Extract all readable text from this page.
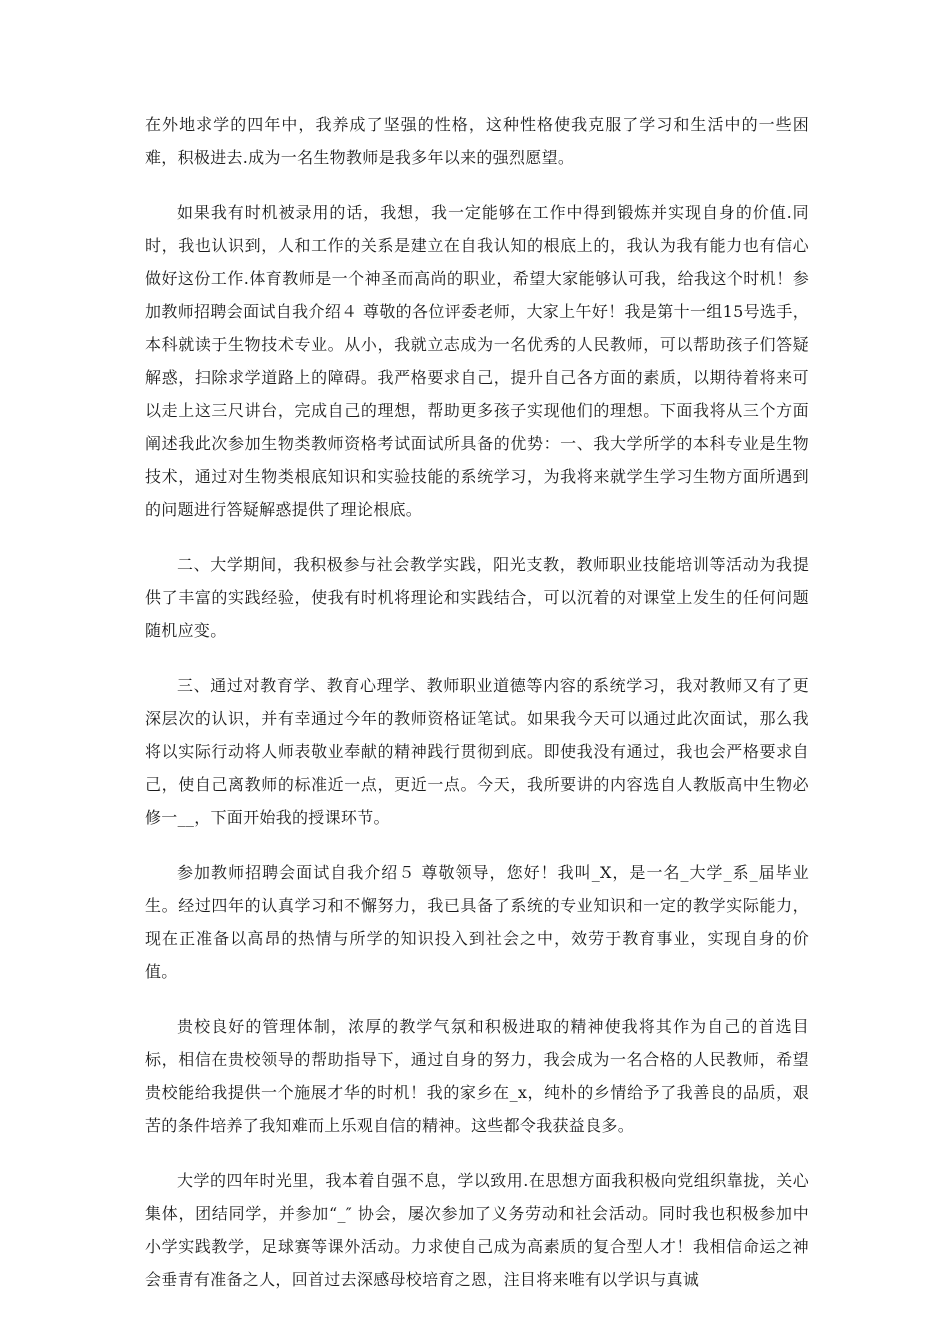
在外地求学的四年中，我养成了坚强的性格，这种性格使我克服了学习和生活中的一些困难，积极进去.成为一名生物教师是我多年以来的强烈愿望。

如果我有时机被录用的话，我想，我一定能够在工作中得到锻炼并实现自身的价值.同时，我也认识到，人和工作的关系是建立在自我认知的根底上的，我认为我有能力也有信心做好这份工作.体育教师是一个神圣而高尚的职业，希望大家能够认可我，给我这个时机！参加教师招聘会面试自我介绍４ 尊敬的各位评委老师，大家上午好！我是第十一组15号选手，本科就读于生物技术专业。从小，我就立志成为一名优秀的人民教师，可以帮助孩子们答疑解惑，扫除求学道路上的障碍。我严格要求自己，提升自己各方面的素质，以期待着将来可以走上这三尺讲台，完成自己的理想，帮助更多孩子实现他们的理想。下面我将从三个方面阐述我此次参加生物类教师资格考试面试所具备的优势：一、我大学所学的本科专业是生物技术，通过对生物类根底知识和实验技能的系统学习，为我将来就学生学习生物方面所遇到的问题进行答疑解惑提供了理论根底。

二、大学期间，我积极参与社会教学实践，阳光支教，教师职业技能培训等活动为我提供了丰富的实践经验，使我有时机将理论和实践结合，可以沉着的对课堂上发生的任何问题随机应变。

三、通过对教育学、教育心理学、教师职业道德等内容的系统学习，我对教师又有了更深层次的认识，并有幸通过今年的教师资格证笔试。如果我今天可以通过此次面试，那么我将以实际行动将人师表敬业奉献的精神践行贯彻到底。即使我没有通过，我也会严格要求自己，使自己离教师的标准近一点，更近一点。今天，我所要讲的内容选自人教版高中生物必修一__，下面开始我的授课环节。

参加教师招聘会面试自我介绍５ 尊敬领导，您好！我叫_X，是一名_大学_系_届毕业生。经过四年的认真学习和不懈努力，我已具备了系统的专业知识和一定的教学实际能力，现在正准备以高昂的热情与所学的知识投入到社会之中，效劳于教育事业，实现自身的价值。

贵校良好的管理体制，浓厚的教学气氛和积极进取的精神使我将其作为自己的首选目标，相信在贵校领导的帮助指导下，通过自身的努力，我会成为一名合格的人民教师，希望贵校能给我提供一个施展才华的时机！我的家乡在_x，纯朴的乡情给予了我善良的品质，艰苦的条件培养了我知难而上乐观自信的精神。这些都令我获益良多。

大学的四年时光里，我本着自强不息，学以致用.在思想方面我积极向党组织靠拢，关心集体，团结同学，并参加“_″ 协会，屡次参加了义务劳动和社会活动。同时我也积极参加中小学实践教学，足球赛等课外活动。力求使自己成为高素质的复合型人才！我相信命运之神会垂青有准备之人，回首过去深感母校培育之恩，注目将来唯有以学识与真诚
